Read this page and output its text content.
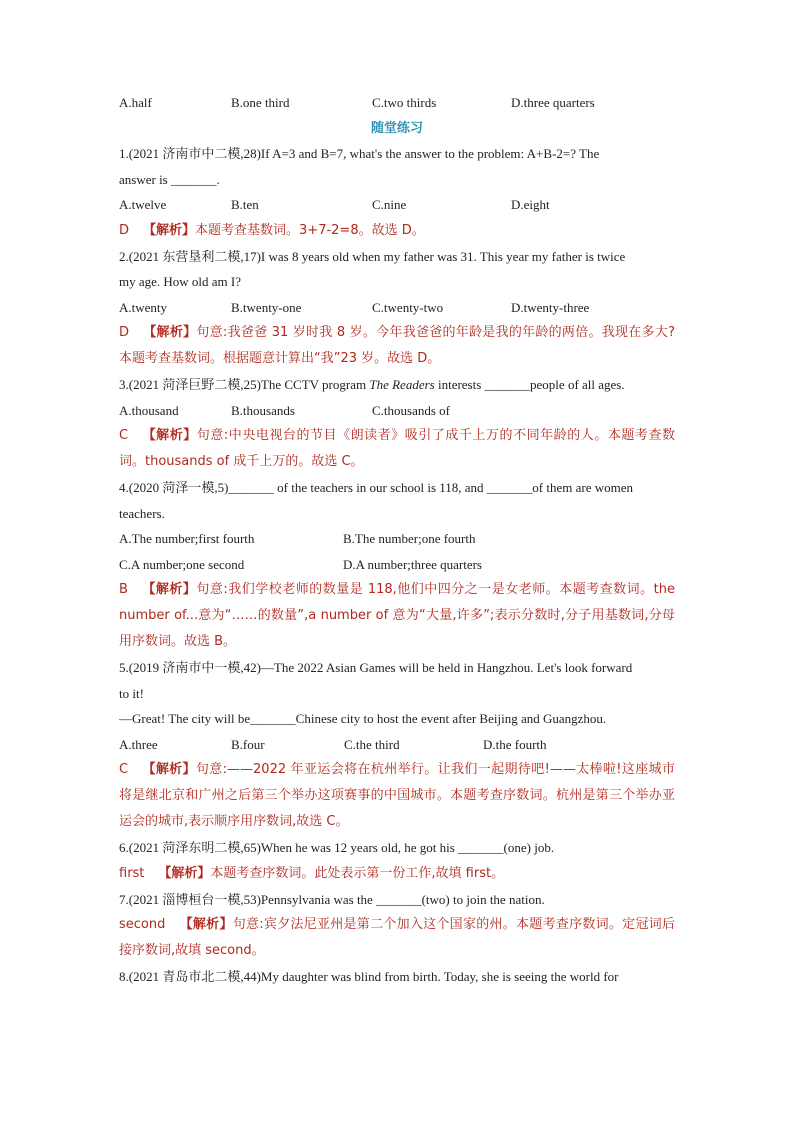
A.half	B.one third	C.two thirds	D.three quarters
随堂练习
1.(2021 济南市中二模,28)If A=3 and B=7, what's the answer to the problem: A+B-2=? The
answer is _______.
A.twelve	B.ten	C.nine	D.eight
D 【解析】本题考查基数词。3+7-2=8。故选 D。
2.(2021 东营垦利二模,17)I was 8 years old when my father was 31. This year my father is twice
my age. How old am I?
A.twenty	B.twenty-one	C.twenty-two	D.twenty-three
D 【解析】句意:我爸爸 31 岁时我 8 岁。今年我爸爸的年龄是我的年龄的两倍。我现在多大?本题考查基数词。根据题意计算出“我”23 岁。故选 D。
3.(2021 菏泽巨野二模,25)The CCTV program The Readers interests _______people of all ages.
A.thousand	B.thousands	C.thousands of
C 【解析】句意:中央电视台的节目《朗读者》吸引了成千上万的不同年龄的人。本题考查数词。thousands of 成千上万的。故选 C。
4.(2020 菏泽一模,5)_______ of the teachers in our school is 118, and _______of them are women
teachers.
A.The number;first fourth	B.The number;one fourth
C.A number;one second	D.A number;three quarters
B 【解析】句意:我们学校老师的数量是 118,他们中四分之一是女老师。本题考查数词。the number of...意为“……的数量”,a number of 意为“大量,许多”;表示分数时,分子用基数词,分母用序数词。故选 B。
5.(2019 济南市中一模,42)—The 2022 Asian Games will be held in Hangzhou. Let's look forward
to it!
—Great! The city will be_______Chinese city to host the event after Beijing and Guangzhou.
A.three	B.four	C.the third	D.the fourth
C 【解析】句意:——2022 年亚运会将在杭州举行。让我们一起期待吧!——太棒啦!这座城市将是继北京和广州之后第三个举办这项赛事的中国城市。本题考查序数词。杭州是第三个举办亚运会的城市,表示顺序用序数词,故选 C。
6.(2021 菏泽东明二模,65)When he was 12 years old, he got his _______(one) job.
first 【解析】本题考查序数词。此处表示第一份工作,故填 first。
7.(2021 淄博桓台一模,53)Pennsylvania was the _______(two) to join the nation.
second 【解析】句意:宾夕法尼亚州是第二个加入这个国家的州。本题考查序数词。定冠词后接序数词,故填 second。
8.(2021 青岛市北二模,44)My daughter was blind from birth. Today, she is seeing the world for
